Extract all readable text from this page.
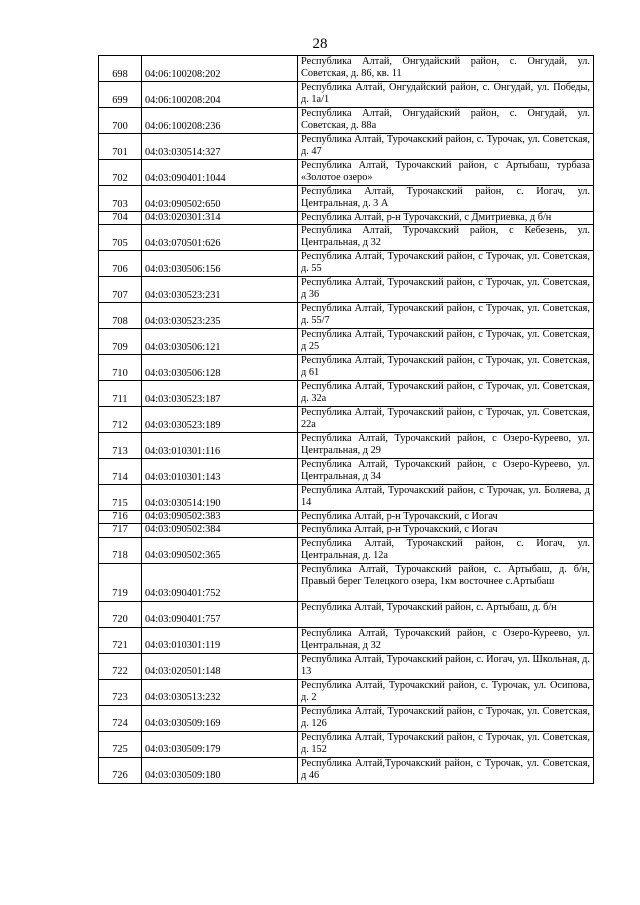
28
698	04:06:100208:202	Республика Алтай, Онгудайский район, с. Онгудай, ул. Советская, д. 86, кв. 11
699	04:06:100208:204	Республика Алтай, Онгудайский район, с. Онгудай, ул. Победы, д. 1а/1
700	04:06:100208:236	Республика Алтай, Онгудайский район, с. Онгудай, ул. Советская, д. 88а
701	04:03:030514:327	Республика Алтай, Турочакский район, с. Турочак, ул. Советская, д. 47
702	04:03:090401:1044	Республика Алтай, Турочакский район, с Артыбаш, турбаза «Золотое озеро»
703	04:03:090502:650	Республика Алтай, Турочакский район, с. Иогач, ул. Центральная, д. 3 А
704	04:03:020301:314	Республика Алтай, р-н Турочакский, с Дмитриевка, д б/н
705	04:03:070501:626	Республика Алтай, Турочакский район, с Кебезень, ул. Центральная, д 32
706	04:03:030506:156	Республика Алтай, Турочакский район, с Турочак, ул. Советская, д. 55
707	04:03:030523:231	Республика Алтай, Турочакский район, с Турочак, ул. Советская, д 36
708	04:03:030523:235	Республика Алтай, Турочакский район, с Турочак, ул. Советская, д. 55/7
709	04:03:030506:121	Республика Алтай, Турочакский район, с Турочак, ул. Советская, д 25
710	04:03:030506:128	Республика Алтай, Турочакский район, с Турочак, ул. Советская, д 61
711	04:03:030523:187	Республика Алтай, Турочакский район, с Турочак, ул. Советская, д. 32а
712	04:03:030523:189	Республика Алтай, Турочакский район, с Турочак, ул. Советская, 22а
713	04:03:010301:116	Республика Алтай, Турочакский район, с Озеро-Куреево, ул. Центральная, д 29
714	04:03:010301:143	Республика Алтай, Турочакский район, с Озеро-Куреево, ул. Центральная, д 34
715	04:03:030514:190	Республика Алтай, Турочакский район, с Турочак, ул. Боляева, д 14
716	04:03:090502:383	Республика Алтай, р-н Турочакский, с Иогач
717	04:03:090502:384	Республика Алтай, р-н Турочакский, с Иогач
718	04:03:090502:365	Республика Алтай, Турочакский район, с. Иогач, ул. Центральная, д. 12а
719	04:03:090401:752	Республика Алтай, Турочакский район, с. Артыбаш, д. б/н, Правый берег Телецкого озера, 1км восточнее с.Артыбаш
720	04:03:090401:757	Республика Алтай, Турочакский район, с. Артыбаш, д. б/н
721	04:03:010301:119	Республика Алтай, Турочакский район, с Озеро-Куреево, ул. Центральная, д 32
722	04:03:020501:148	Республика Алтай, Турочакский район, с. Иогач, ул. Школьная, д. 13
723	04:03:030513:232	Республика Алтай, Турочакский район, с. Турочак, ул. Осипова, д. 2
724	04:03:030509:169	Республика Алтай, Турочакский район, с Турочак, ул. Советская, д. 126
725	04:03:030509:179	Республика Алтай, Турочакский район, с Турочак, ул. Советская, д. 152
726	04:03:030509:180	Республика Алтай,Турочакский район, с Турочак, ул. Советская, д 46
